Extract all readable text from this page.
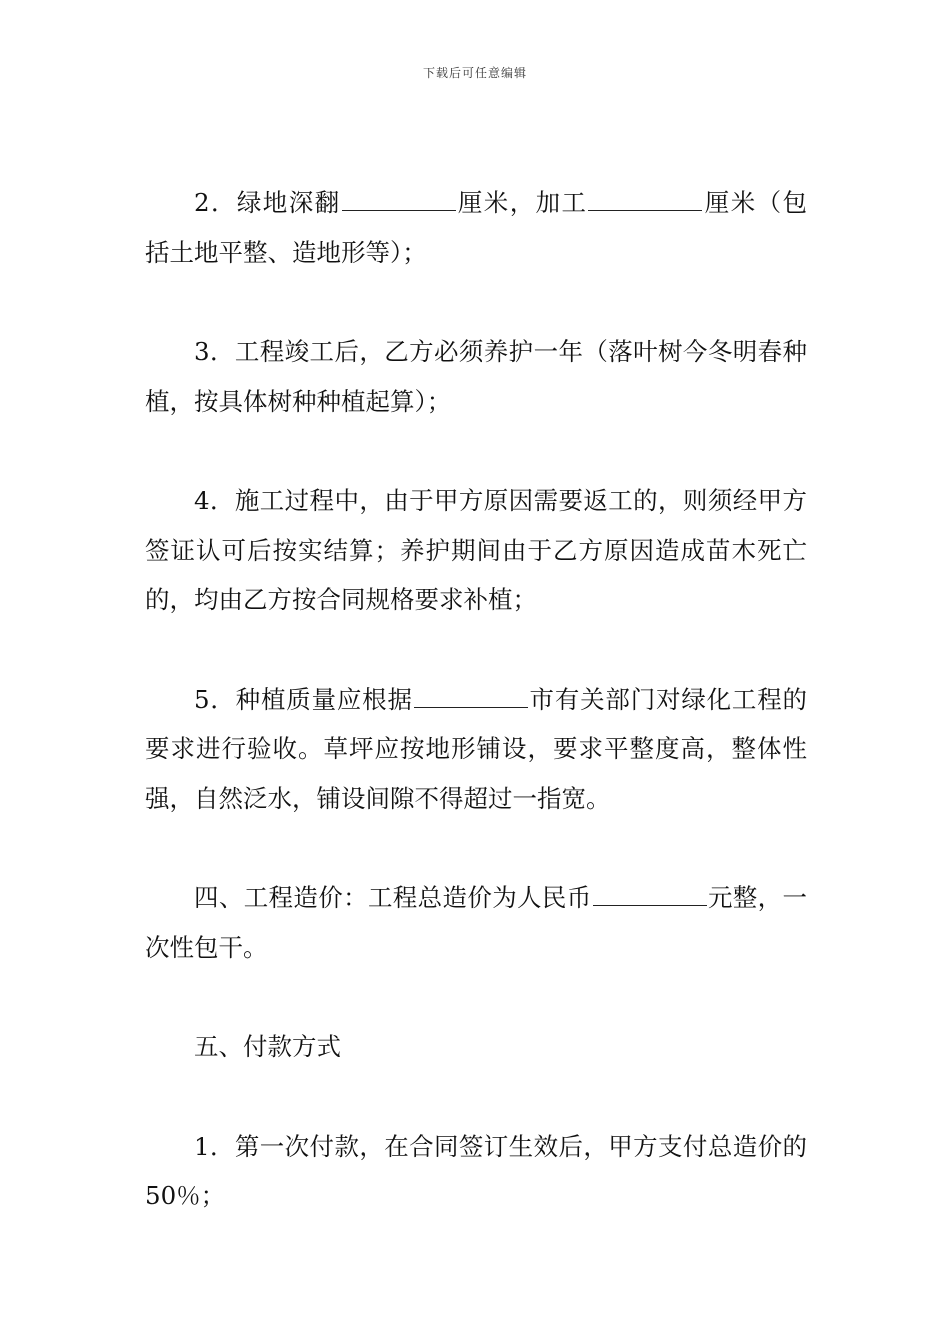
下载后可任意编辑

2．绿地深翻	厘米，加工	厘米（包括土地平整、造地形等）；

3．工程竣工后，乙方必须养护一年（落叶树今冬明春种植，按具体树种种植起算）；

4．施工过程中，由于甲方原因需要返工的，则须经甲方签证认可后按实结算；养护期间由于乙方原因造成苗木死亡的，均由乙方按合同规格要求补植；

5．种植质量应根据	市有关部门对绿化工程的要求进行验收。草坪应按地形铺设，要求平整度高，整体性强，自然泛水，铺设间隙不得超过一指宽。

四、工程造价：工程总造价为人民币	元整，一次性包干。

五、付款方式

1．第一次付款，在合同签订生效后，甲方支付总造价的50％；
